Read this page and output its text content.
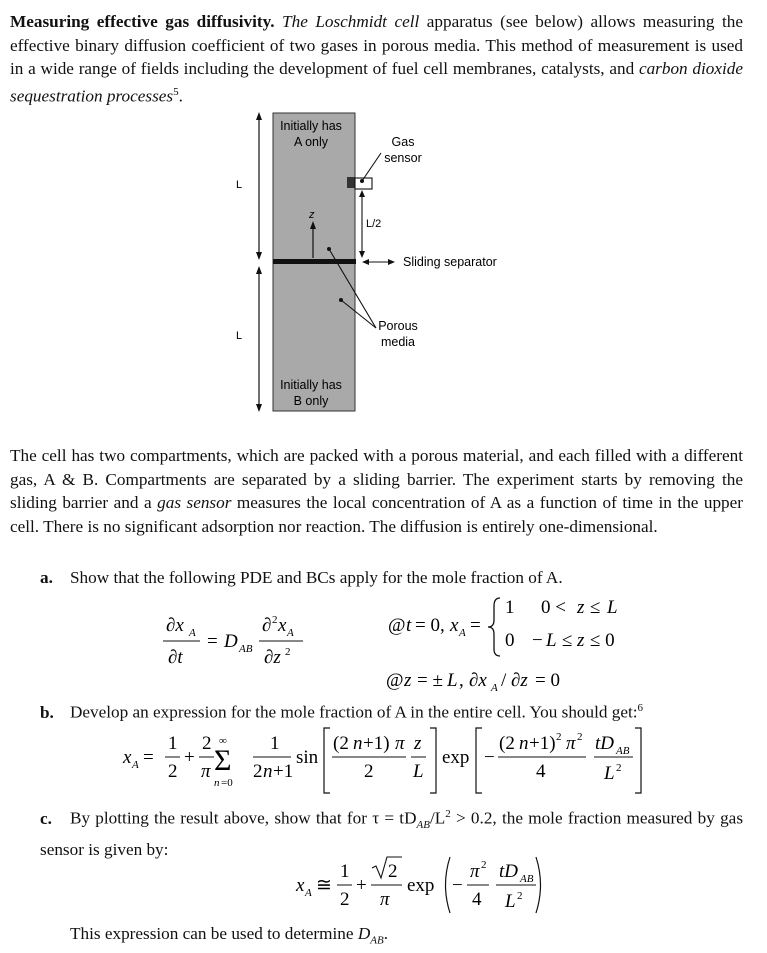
Measuring effective gas diffusivity. The Loschmidt cell apparatus (see below) allows measuring the effective binary diffusion coefficient of two gases in porous media. This method of measurement is used in a wide range of fields including the development of fuel cell membranes, catalysts, and carbon dioxide sequestration processes$^5$.
Initially has
A only
Initially has
B only
L
L
z
Gas
sensor
L/2
Sliding separator
Porous
media
The cell has two compartments, which are packed with a porous material, and each filled with a different gas, A & B. Compartments are separated by a sliding barrier. The experiment starts by removing the sliding barrier and a gas sensor measures the local concentration of A as a function of time in the upper cell. There is no significant adsorption nor reaction. The diffusion is entirely one-dimensional.
a. Show that the following PDE and BCs apply for the mole fraction of A.
∂x A
∂t
= D AB
∂ 2 x A
∂z 2
@ t = 0, x A =
1 0 < z ≤ L
0 − L ≤ z ≤ 0
@ z = ± L , ∂x A / ∂z = 0
b. Develop an expression for the mole fraction of A in the entire cell. You should get:$^6$
x A =
1
2
+
2
π
∞
Σ
n =0
1
2 n +1
sin
(2 n +1) π
2
z
L
exp −
(2 n +1) 2 π 2
4
tD AB
L 2
c. By plotting the result above, show that for $\tau = tD_{AB}/L^2 > 0.2$, the mole fraction measured by gas sensor is given by:
x A ≅
1
2
+
2
π
exp −
π 2
4
tD AB
L 2
This expression can be used to determine $D_{AB}$.
